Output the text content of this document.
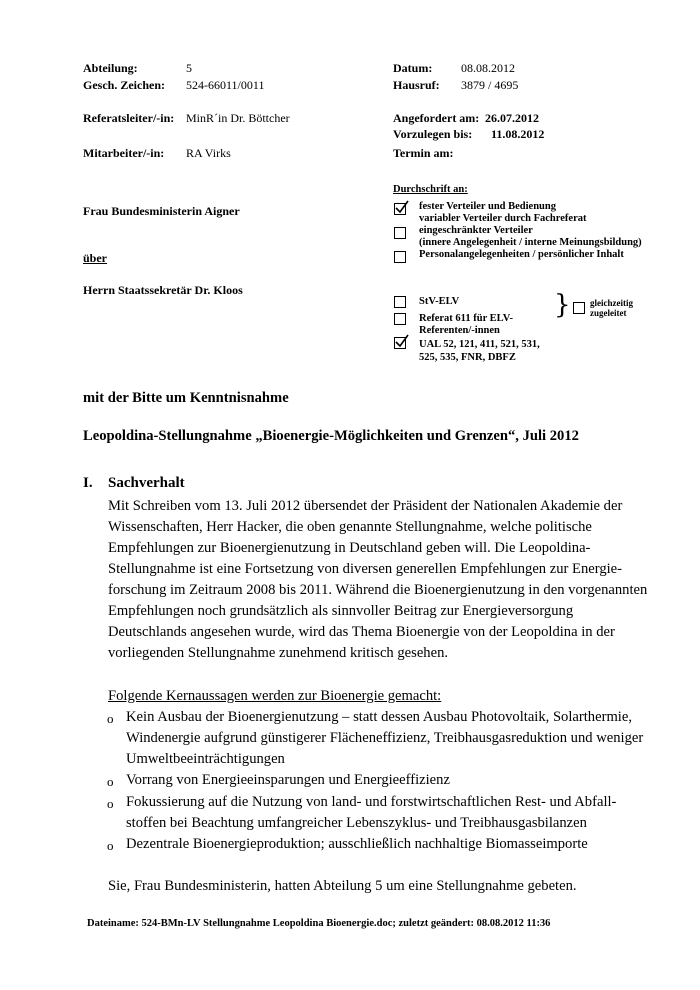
Abteilung:	5
Gesch. Zeichen: 524-66011/0011
Referatsleiter/-in: MinR´in Dr. Böttcher
Mitarbeiter/-in: RA Virks
Datum: 08.08.2012
Hausruf: 3879 / 4695
Angefordert am: 26.07.2012
Vorzulegen bis: 11.08.2012
Termin am:
Frau Bundesministerin Aigner
über
Herrn Staatssekretär Dr. Kloos
Durchschrift an:
fester Verteiler und Bedienung
variabler Verteiler durch Fachreferat
eingeschränkter Verteiler
(innere Angelegenheit / interne Meinungsbildung)
Personalangelegenheiten / persönlicher Inhalt
StV-ELV
Referat 611 für ELV-
Referenten/-innen
UAL 52, 121, 411, 521, 531,
525, 535, FNR, DBFZ
} gleichzeitig
zugeleitet
mit der Bitte um Kenntnisnahme
Leopoldina-Stellungnahme „Bioenergie-Möglichkeiten und Grenzen“, Juli 2012
I. Sachverhalt
Mit Schreiben vom 13. Juli 2012 übersendet der Präsident der Nationalen Akademie der
Wissenschaften, Herr Hacker, die oben genannte Stellungnahme, welche politische
Empfehlungen zur Bioenergienutzung in Deutschland geben will. Die Leopoldina-
Stellungnahme ist eine Fortsetzung von diversen generellen Empfehlungen zur Energie-
forschung im Zeitraum 2008 bis 2011. Während die Bioenergienutzung in den vorgenannten
Empfehlungen noch grundsätzlich als sinnvoller Beitrag zur Energieversorgung
Deutschlands angesehen wurde, wird das Thema Bioenergie von der Leopoldina in der
vorliegenden Stellungnahme zunehmend kritisch gesehen.
Folgende Kernaussagen werden zur Bioenergie gemacht:
o Kein Ausbau der Bioenergienutzung – statt dessen Ausbau Photovoltaik, Solarthermie,
Windenergie aufgrund günstigerer Flächeneffizienz, Treibhausgasreduktion und weniger
Umweltbeeinträchtigungen
o Vorrang von Energieeinsparungen und Energieeffizienz
o Fokussierung auf die Nutzung von land- und forstwirtschaftlichen Rest- und Abfall-
stoffen bei Beachtung umfangreicher Lebenszyklus- und Treibhausgasbilanzen
o Dezentrale Bioenergieproduktion; ausschließlich nachhaltige Biomasseimporte
Sie, Frau Bundesministerin, hatten Abteilung 5 um eine Stellungnahme gebeten.
Dateiname: 524-BMn-LV Stellungnahme Leopoldina Bioenergie.doc; zuletzt geändert: 08.08.2012 11:36
